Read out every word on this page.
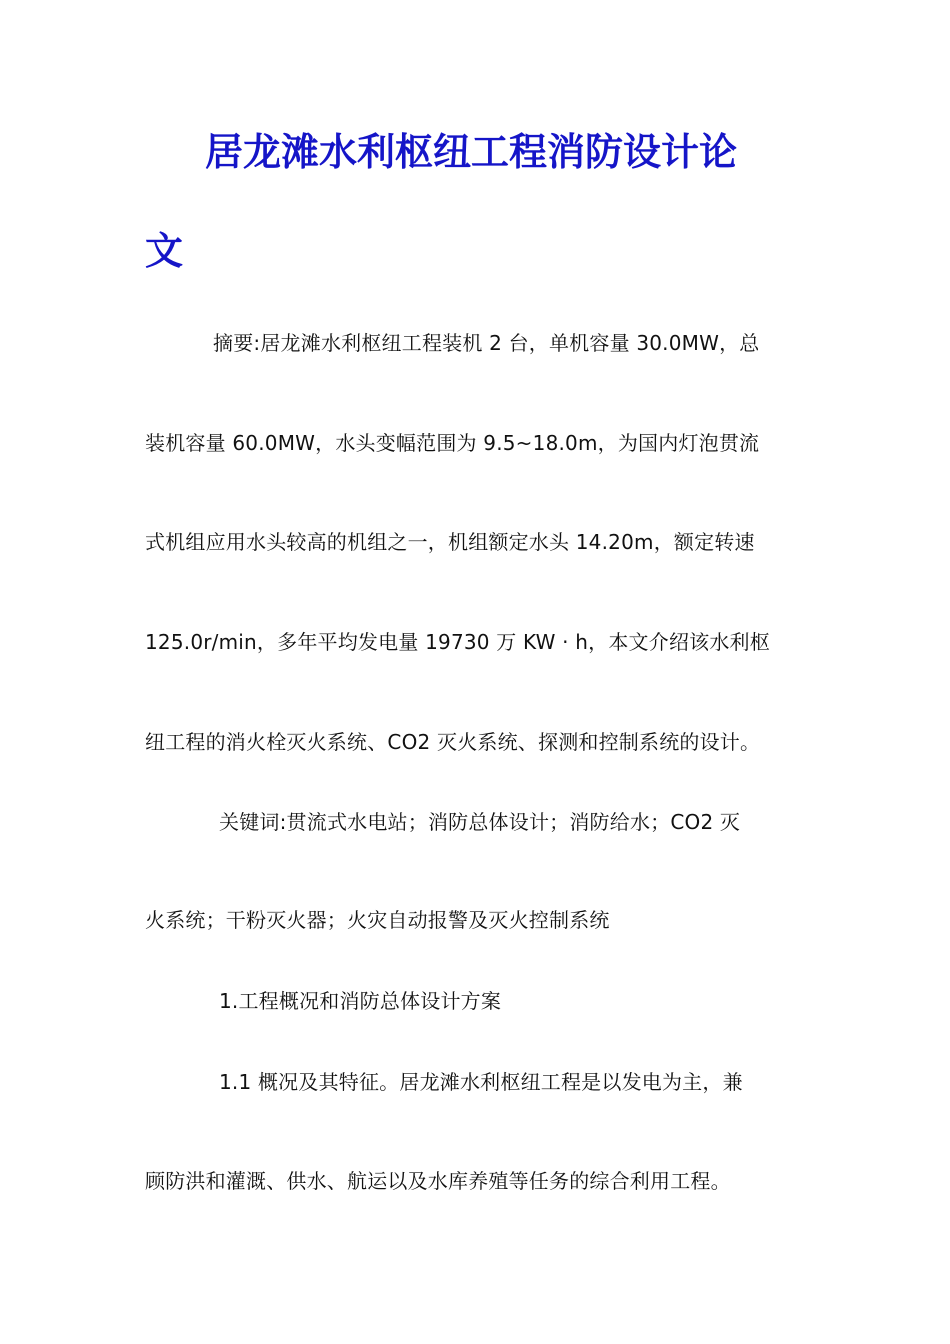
居龙滩水利枢纽工程消防设计论
文

摘要:居龙滩水利枢纽工程装机 2 台，单机容量 30.0MW，总

装机容量 60.0MW，水头变幅范围为 9.5~18.0m，为国内灯泡贯流

式机组应用水头较高的机组之一，机组额定水头 14.20m，额定转速

125.0r/min，多年平均发电量 19730 万 KW · h，本文介绍该水利枢

纽工程的消火栓灭火系统、CO2 灭火系统、探测和控制系统的设计。

关键词:贯流式水电站；消防总体设计；消防给水；CO2 灭

火系统；干粉灭火器；火灾自动报警及灭火控制系统

1.工程概况和消防总体设计方案

1.1 概况及其特征。居龙滩水利枢纽工程是以发电为主，兼

顾防洪和灌溉、供水、航运以及水库养殖等任务的综合利用工程。
